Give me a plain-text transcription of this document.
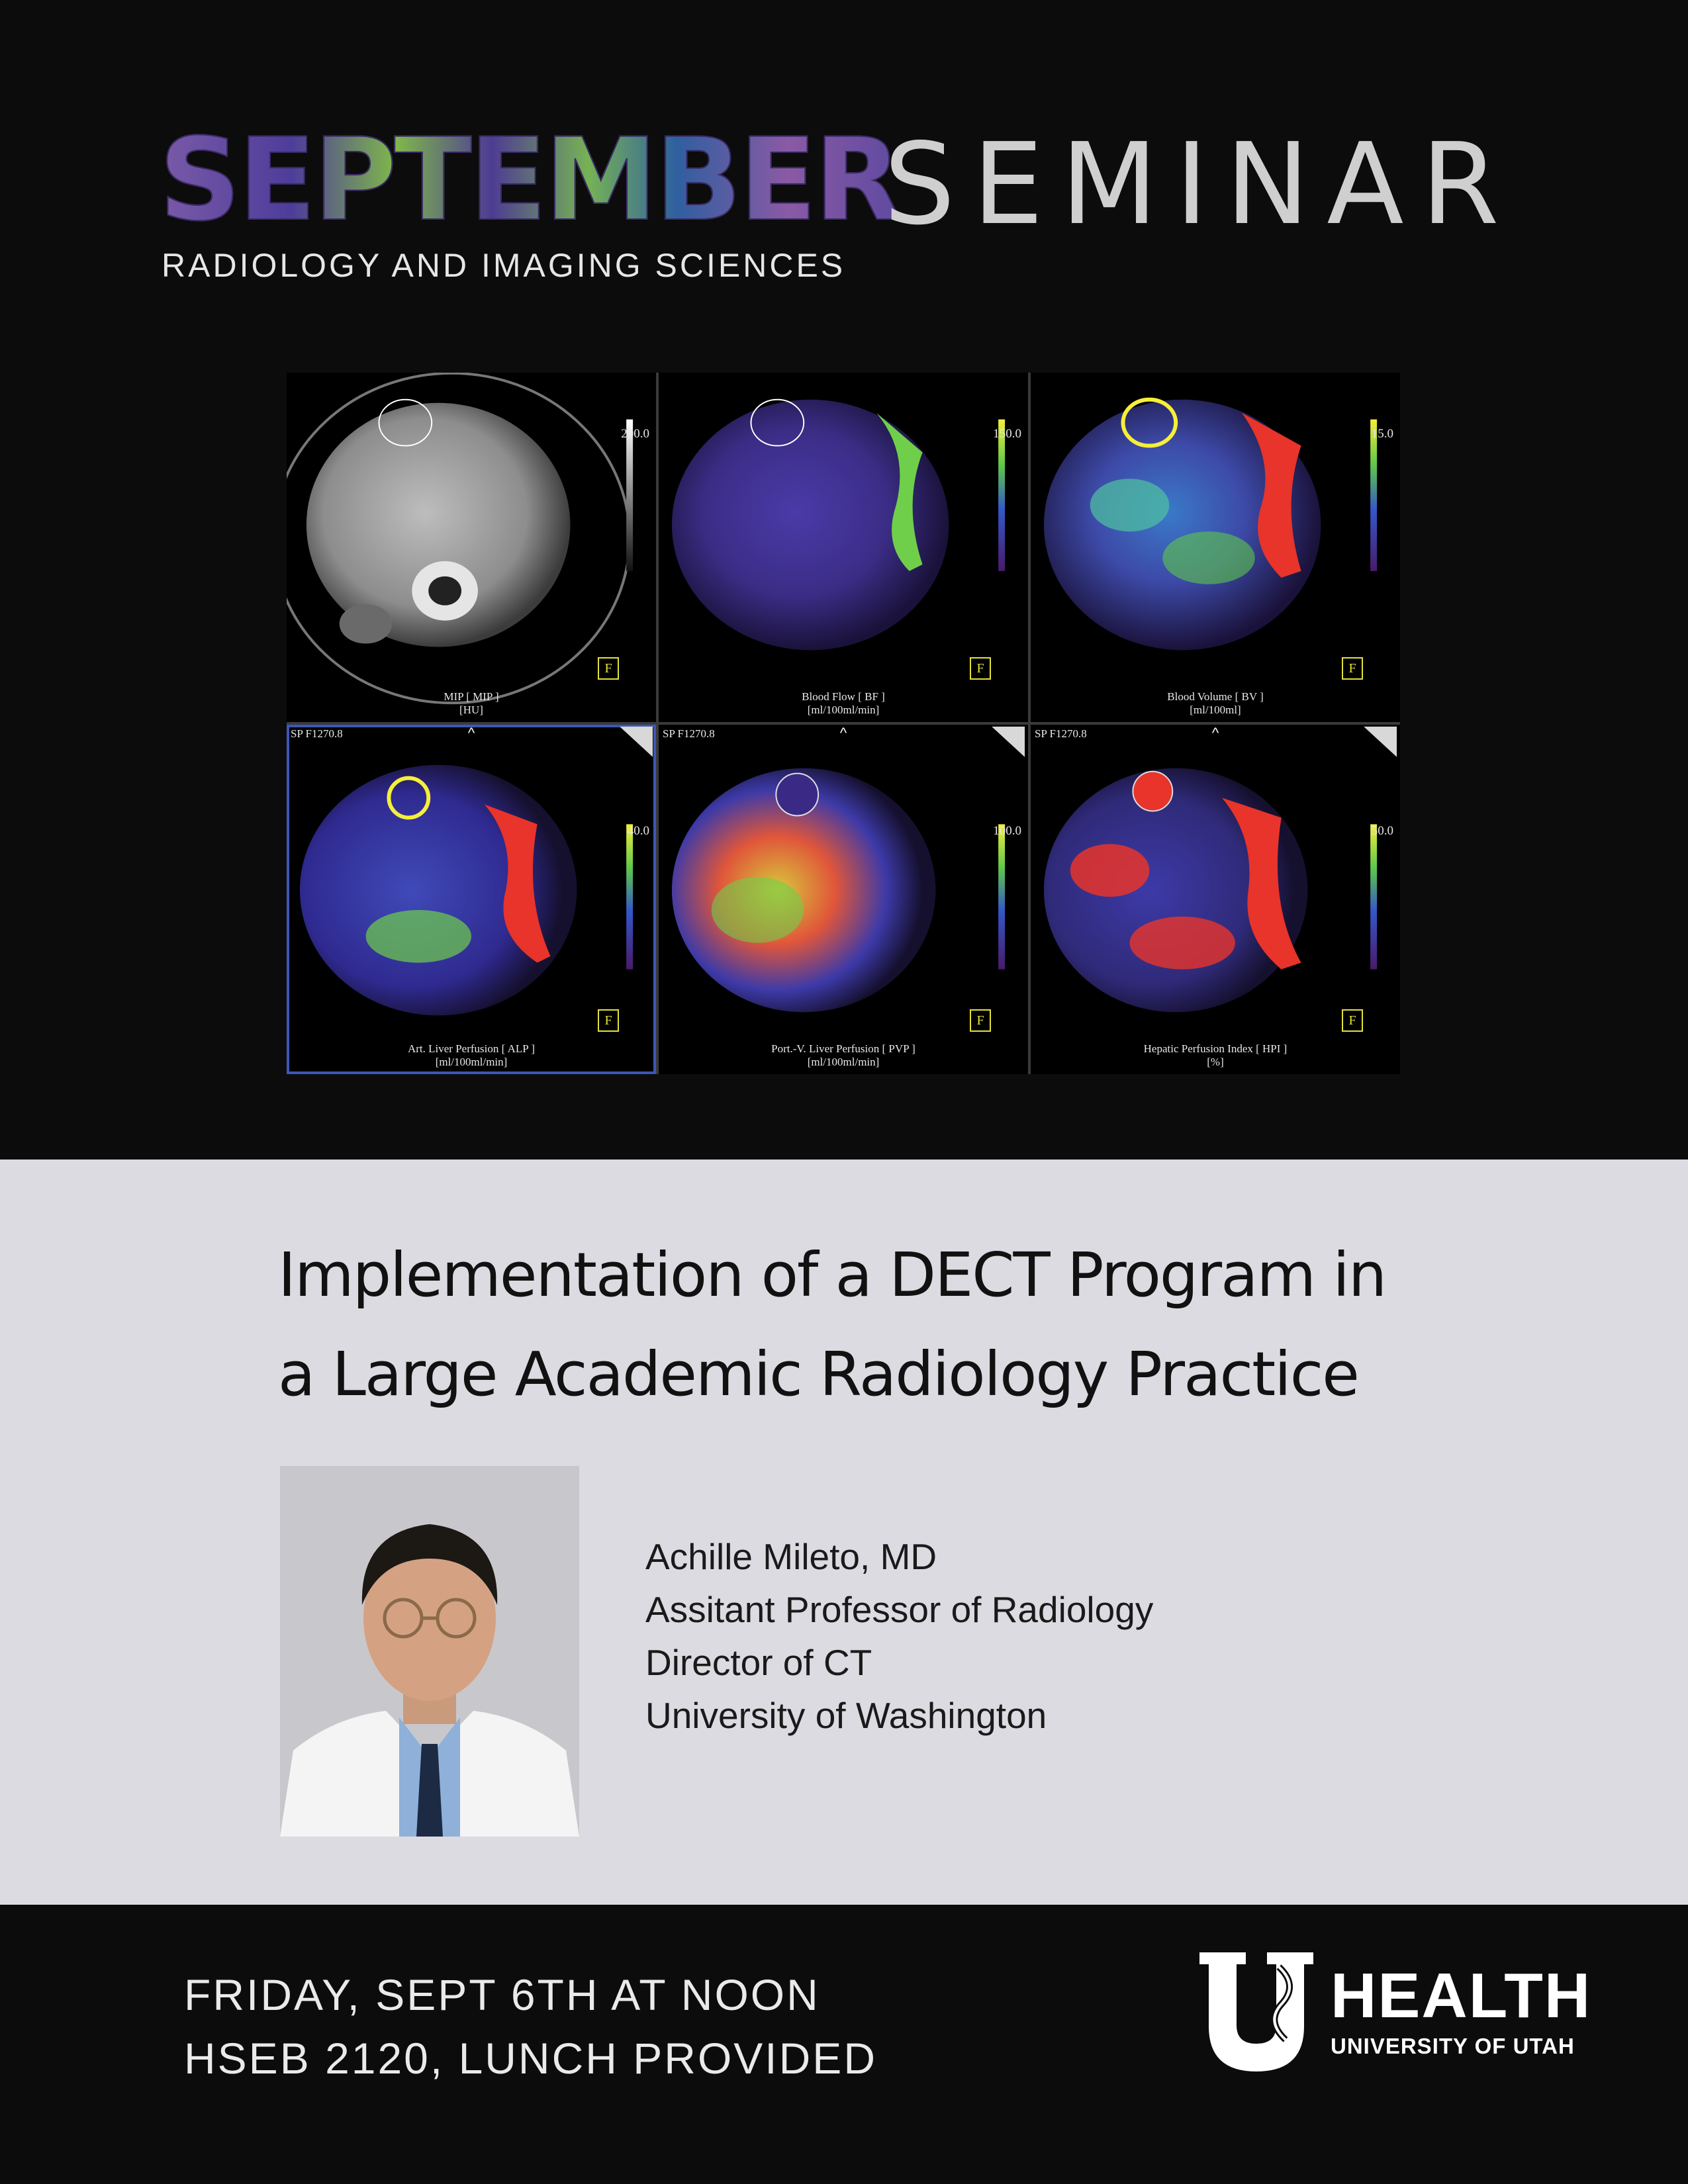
SEPTEMBER
SEMINAR
RADIOLOGY AND IMAGING SCIENCES
200.0
F
MIP [ MIP ]
[HU]
150.0
F
Blood Flow [ BF ]
[ml/100ml/min]
15.0
F
Blood Volume [ BV ]
[ml/100ml]
SP F1270.8	^
40.0
F
Art. Liver Perfusion [ ALP ]
[ml/100ml/min]
SP F1270.8	^
100.0
F
Port.-V. Liver Perfusion [ PVP ]
[ml/100ml/min]
SP F1270.8	^
50.0
F
Hepatic Perfusion Index [ HPI ]
[%]
Implementation of a DECT Program in
a Large Academic Radiology Practice
Achille Mileto, MD
Assitant Professor of Radiology
Director of CT
University of Washington
FRIDAY, SEPT 6TH AT NOON
HSEB 2120, LUNCH PROVIDED
HEALTH
UNIVERSITY OF UTAH
